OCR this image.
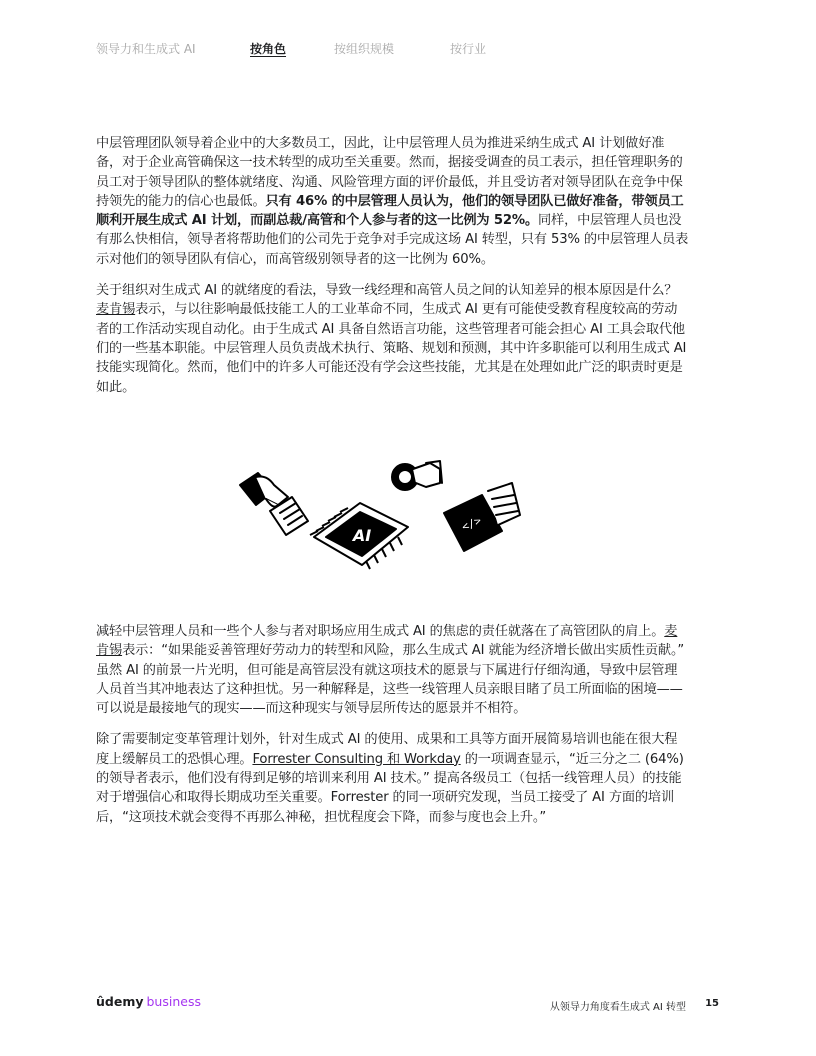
领导力和生成式 AI	按角色	按组织规模	按行业

中层管理团队领导着企业中的大多数员工，因此，让中层管理人员为推进采纳生成式 AI 计划做好准备，对于企业高管确保这一技术转型的成功至关重要。然而，据接受调查的员工表示，担任管理职务的员工对于领导团队的整体就绪度、沟通、风险管理方面的评价最低，并且受访者对领导团队在竞争中保持领先的能力的信心也最低。只有 46% 的中层管理人员认为，他们的领导团队已做好准备，带领员工顺利开展生成式 AI 计划，而副总裁/高管和个人参与者的这一比例为 52%。同样，中层管理人员也没有那么快相信，领导者将帮助他们的公司先于竞争对手完成这场 AI 转型，只有 53% 的中层管理人员表示对他们的领导团队有信心，而高管级别领导者的这一比例为 60%。

关于组织对生成式 AI 的就绪度的看法，导致一线经理和高管人员之间的认知差异的根本原因是什么？麦肯锡表示，与以往影响最低技能工人的工业革命不同，生成式 AI 更有可能使受教育程度较高的劳动者的工作活动实现自动化。由于生成式 AI 具备自然语言功能，这些管理者可能会担心 AI 工具会取代他们的一些基本职能。中层管理人员负责战术执行、策略、规划和预测，其中许多职能可以利用生成式 AI 技能实现简化。然而，他们中的许多人可能还没有学会这些技能，尤其是在处理如此广泛的职责时更是如此。

AI
</>

减轻中层管理人员和一些个人参与者对职场应用生成式 AI 的焦虑的责任就落在了高管团队的肩上。麦肯锡表示：“如果能妥善管理好劳动力的转型和风险，那么生成式 AI 就能为经济增长做出实质性贡献。” 虽然 AI 的前景一片光明，但可能是高管层没有就这项技术的愿景与下属进行仔细沟通，导致中层管理人员首当其冲地表达了这种担忧。另一种解释是，这些一线管理人员亲眼目睹了员工所面临的困境——可以说是最接地气的现实——而这种现实与领导层所传达的愿景并不相符。

除了需要制定变革管理计划外，针对生成式 AI 的使用、成果和工具等方面开展简易培训也能在很大程度上缓解员工的恐惧心理。Forrester Consulting 和 Workday 的一项调查显示，“近三分之二 (64%) 的领导者表示，他们没有得到足够的培训来利用 AI 技术。” 提高各级员工（包括一线管理人员）的技能对于增强信心和取得长期成功至关重要。Forrester 的同一项研究发现，当员工接受了 AI 方面的培训后，“这项技术就会变得不再那么神秘，担忧程度会下降，而参与度也会上升。”

ûdemy business	从领导力角度看生成式 AI 转型 15
